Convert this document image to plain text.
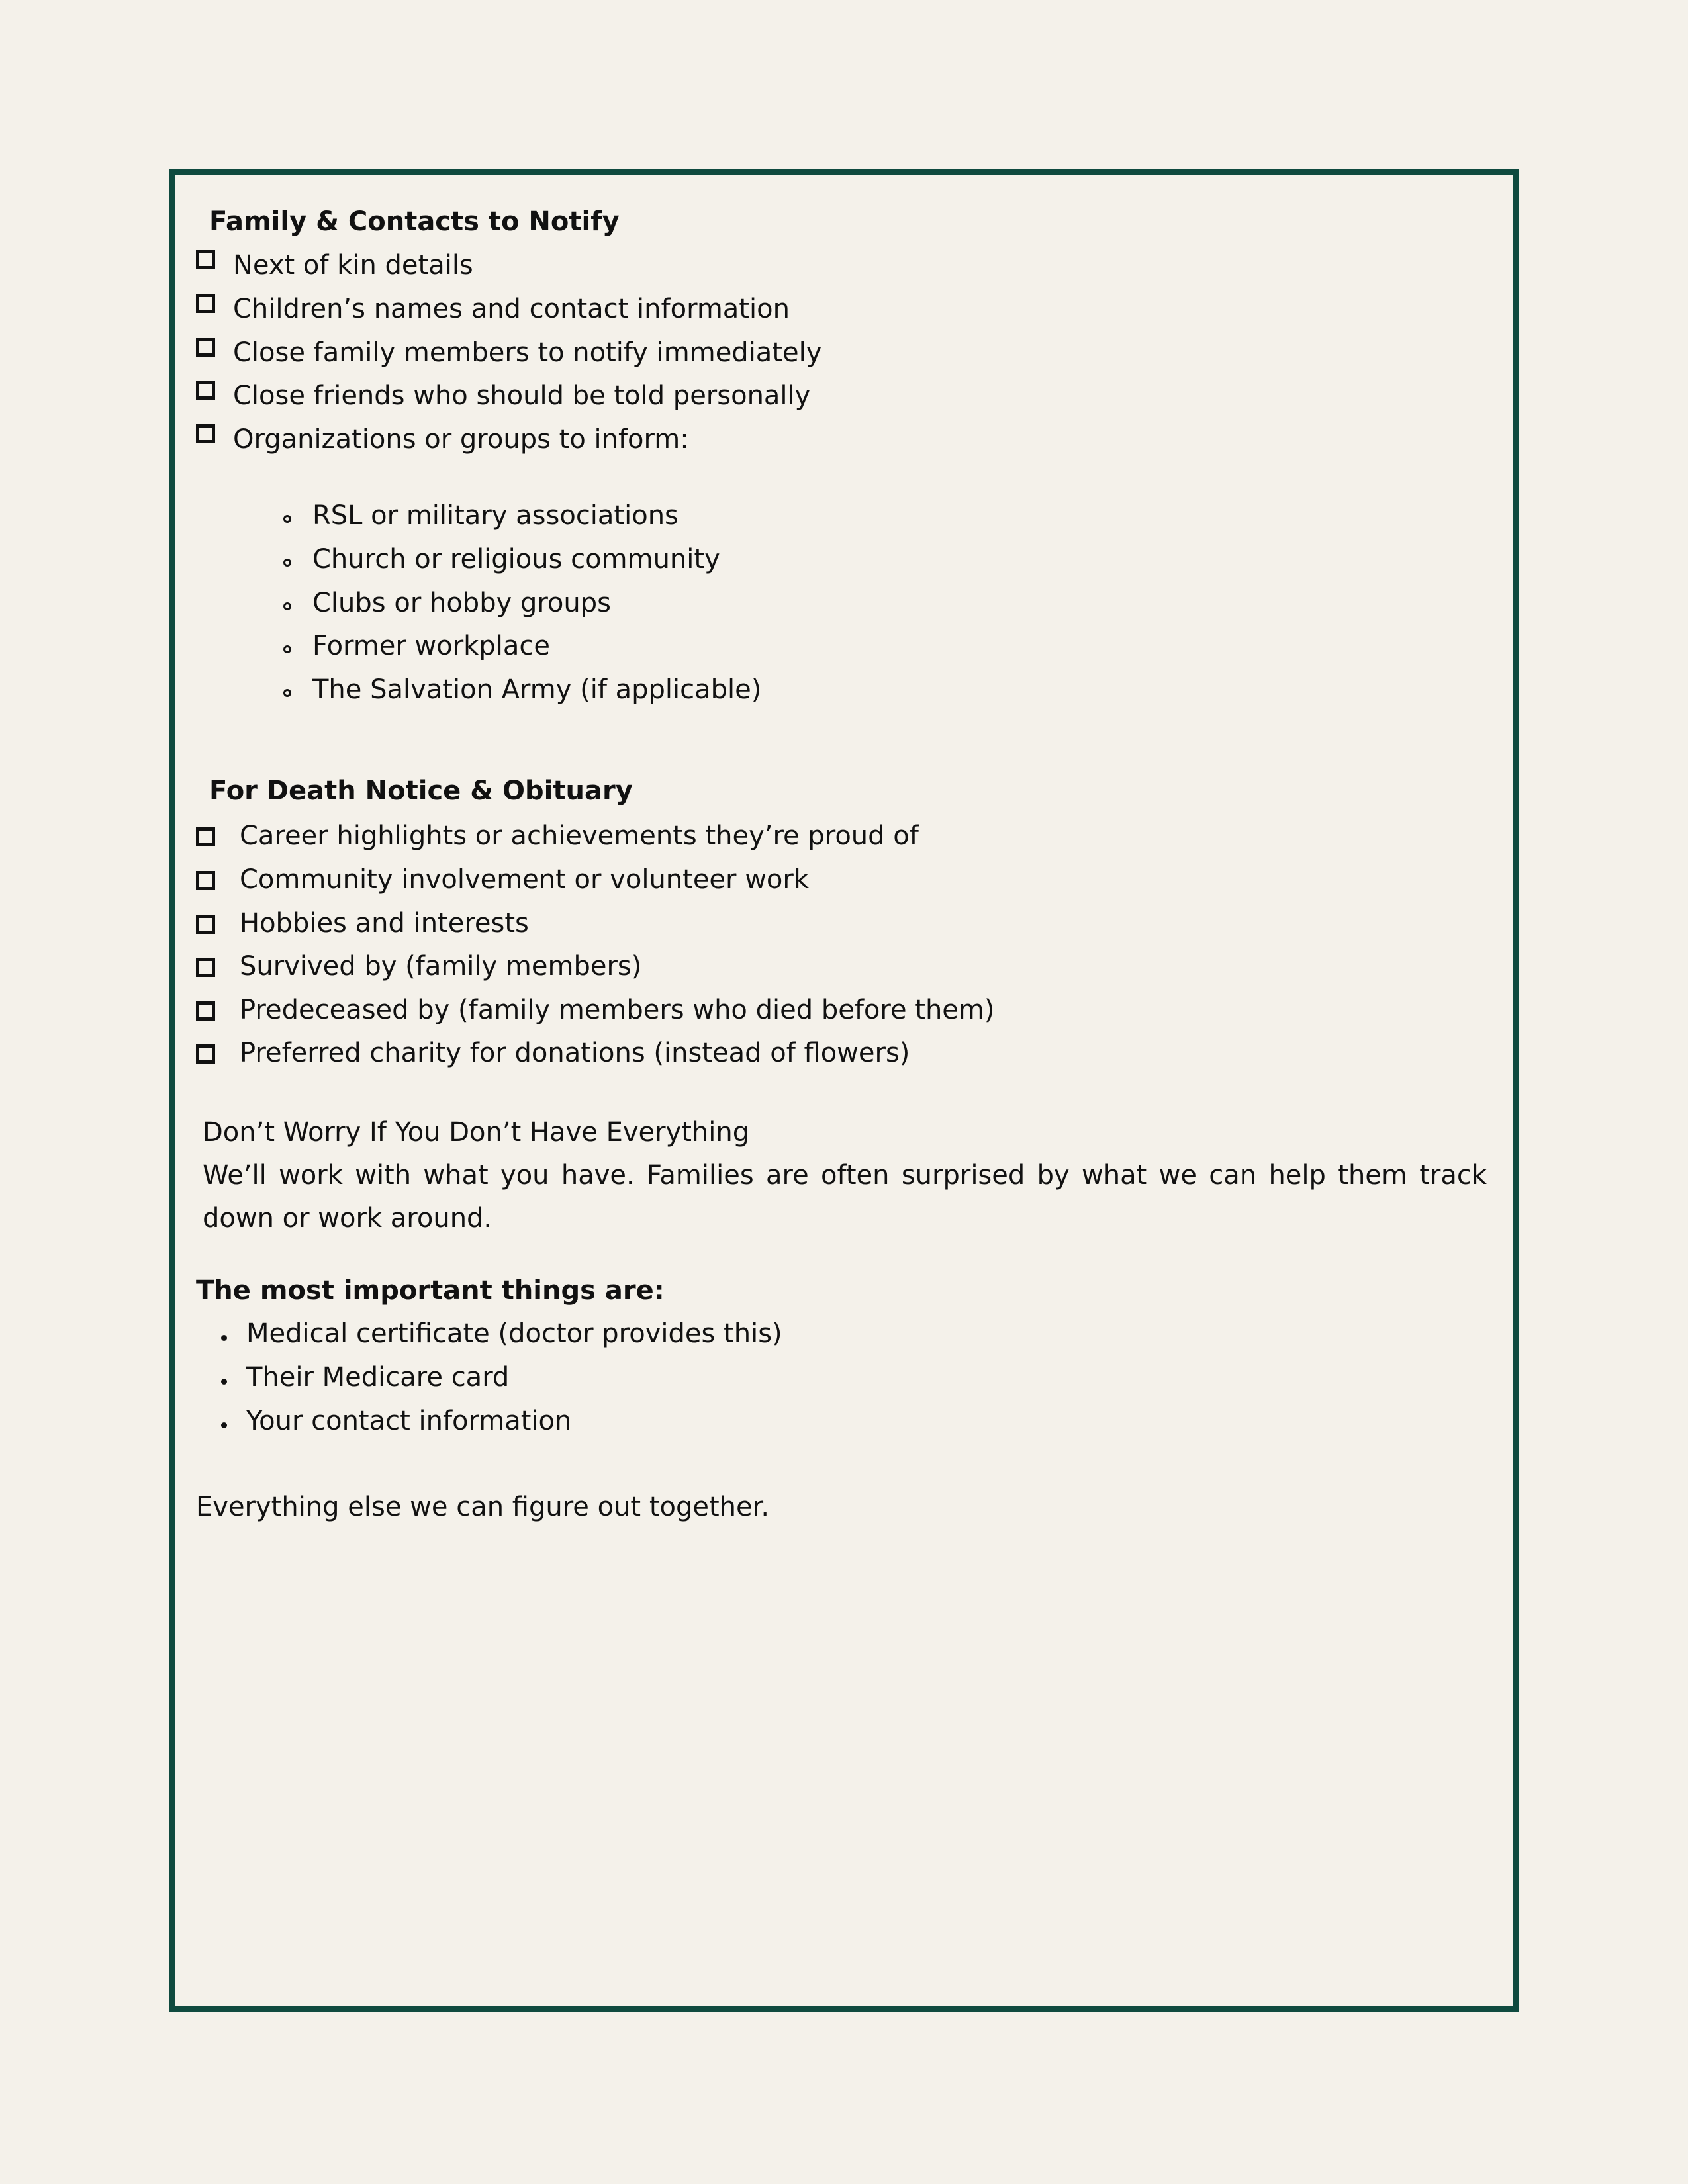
Family & Contacts to Notify
Next of kin details
Children’s names and contact information
Close family members to notify immediately
Close friends who should be told personally
Organizations or groups to inform:
RSL or military associations
Church or religious community
Clubs or hobby groups
Former workplace
The Salvation Army (if applicable)
For Death Notice & Obituary
Career highlights or achievements they’re proud of
Community involvement or volunteer work
Hobbies and interests
Survived by (family members)
Predeceased by (family members who died before them)
Preferred charity for donations (instead of flowers)
Don’t Worry If You Don’t Have Everything
We’ll work with what you have. Families are often surprised by what we can help them track down or work around.
The most important things are:
Medical certificate (doctor provides this)
Their Medicare card
Your contact information
Everything else we can figure out together.
